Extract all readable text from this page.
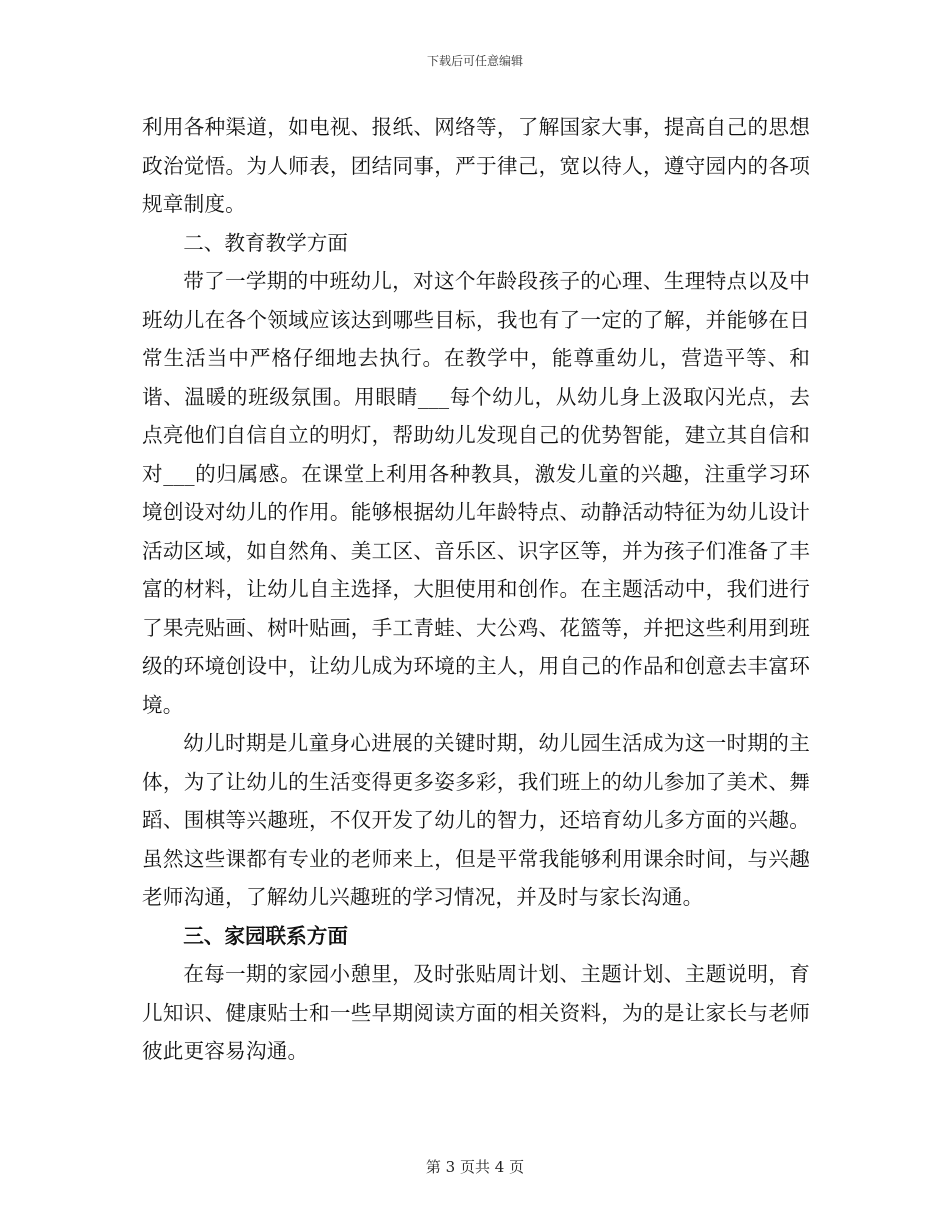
下载后可任意编辑

利用各种渠道，如电视、报纸、网络等，了解国家大事，提高自己的思想政治觉悟。为人师表，团结同事，严于律己，宽以待人，遵守园内的各项规章制度。

二、教育教学方面

带了一学期的中班幼儿，对这个年龄段孩子的心理、生理特点以及中班幼儿在各个领域应该达到哪些目标，我也有了一定的了解，并能够在日常生活当中严格仔细地去执行。在教学中，能尊重幼儿，营造平等、和谐、温暖的班级氛围。用眼睛___每个幼儿，从幼儿身上汲取闪光点，去点亮他们自信自立的明灯，帮助幼儿发现自己的优势智能，建立其自信和对___的归属感。在课堂上利用各种教具，激发儿童的兴趣，注重学习环境创设对幼儿的作用。能够根据幼儿年龄特点、动静活动特征为幼儿设计活动区域，如自然角、美工区、音乐区、识字区等，并为孩子们准备了丰富的材料，让幼儿自主选择，大胆使用和创作。在主题活动中，我们进行了果壳贴画、树叶贴画，手工青蛙、大公鸡、花篮等，并把这些利用到班级的环境创设中，让幼儿成为环境的主人，用自己的作品和创意去丰富环境。

幼儿时期是儿童身心进展的关键时期，幼儿园生活成为这一时期的主体，为了让幼儿的生活变得更多姿多彩，我们班上的幼儿参加了美术、舞蹈、围棋等兴趣班，不仅开发了幼儿的智力，还培育幼儿多方面的兴趣。虽然这些课都有专业的老师来上，但是平常我能够利用课余时间，与兴趣老师沟通，了解幼儿兴趣班的学习情况，并及时与家长沟通。

三、家园联系方面

在每一期的家园小憩里，及时张贴周计划、主题计划、主题说明，育儿知识、健康贴士和一些早期阅读方面的相关资料，为的是让家长与老师彼此更容易沟通。

第 3 页共 4 页
